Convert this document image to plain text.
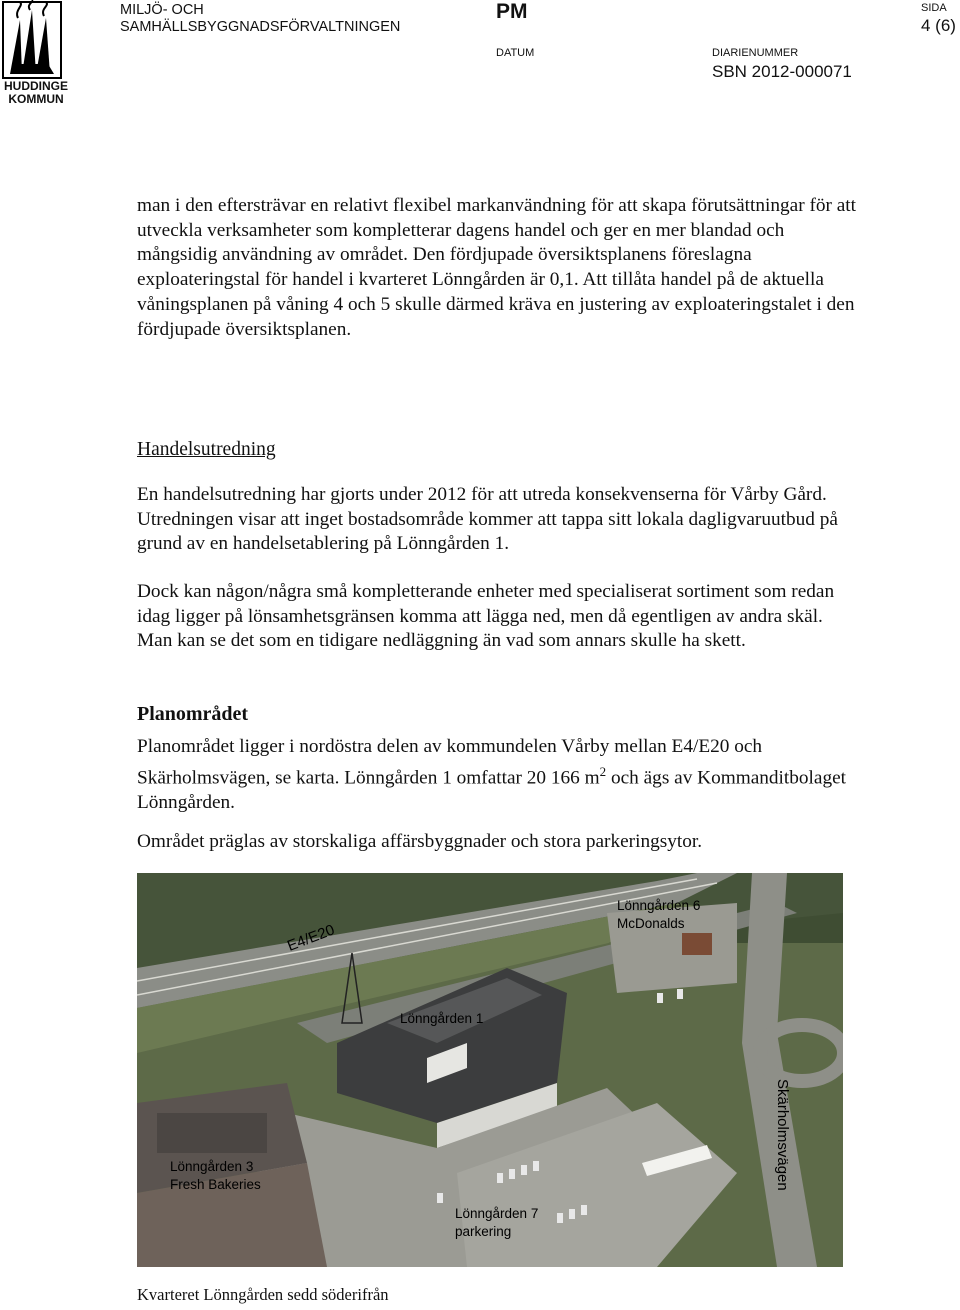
HUDDINGE
KOMMUN
MILJÖ- OCH
SAMHÄLLSBYGGNADSFÖRVALTNINGEN
PM
DATUM	DIARIENUMMER
SBN 2012-000071
SIDA
4 (6)

man i den eftersträvar en relativt flexibel markanvändning för att skapa förutsättningar för att utveckla verksamheter som kompletterar dagens handel och ger en mer blandad och mångsidig användning av området. Den fördjupade översiktsplanens föreslagna exploateringstal för handel i kvarteret Lönngården är 0,1. Att tillåta handel på de aktuella våningsplanen på våning 4 och 5 skulle därmed kräva en justering av exploateringstalet i den fördjupade översiktsplanen.

Handelsutredning

En handelsutredning har gjorts under 2012 för att utreda konsekvenserna för Vårby Gård. Utredningen visar att inget bostadsområde kommer att tappa sitt lokala dagligvaruutbud på grund av en handelsetablering på Lönngården 1.

Dock kan någon/några små kompletterande enheter med specialiserat sortiment som redan idag ligger på lönsamhetsgränsen komma att lägga ned, men då egentligen av andra skäl. Man kan se det som en tidigare nedläggning än vad som annars skulle ha skett.

Planområdet

Planområdet ligger i nordöstra delen av kommundelen Vårby mellan E4/E20 och Skärholmsvägen, se karta. Lönngården 1 omfattar 20 166 $m^2$ och ägs av Kommanditbolaget Lönngården.

Området präglas av storskaliga affärsbyggnader och stora parkeringsytor.

E4/E20
Lönngården 6
McDonalds
Lönngården 1
Skärholmsvägen
Lönngården 3
Fresh Bakeries
Lönngården 7
parkering
Kvarteret Lönngården sedd söderifrån
